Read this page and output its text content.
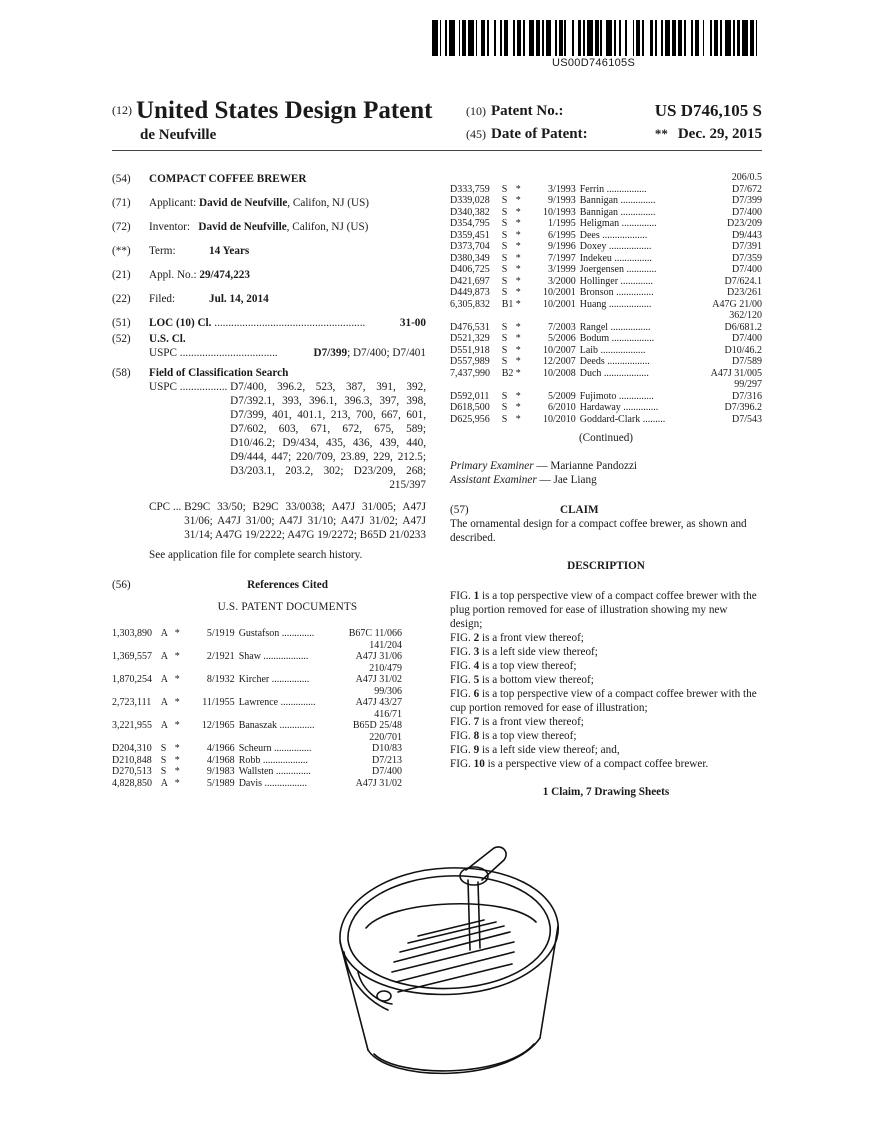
US00D746105S
$^{(12)}$ United States Design Patent
de Neufville
(10) Patent No.:	US D746,105 S
(45) Date of Patent:	** Dec. 29, 2015
(54)	COMPACT COFFEE BREWER
(71)	Applicant: David de Neufville, Califon, NJ (US)
(72)	Inventor: David de Neufville, Califon, NJ (US)
(**)	Term:	14 Years
(21)	Appl. No.: 29/474,223
(22)	Filed:	Jul. 14, 2014
(51)	LOC (10) Cl.
......................................................
	31-00
(52)	U.S. Cl.
USPC
...................................
	D7/399 ; D7/400; D7/401
(58)	Field of Classification Search
USPC ................. D7/400, 396.2, 523, 387, 391, 392, D7/392.1, 393, 396.1, 396.3, 397, 398, D7/399, 401, 401.1, 213, 700, 667, 601, D7/602, 603, 671, 672, 675, 589; D10/46.2; D9/434, 435, 436, 439, 440, D9/444, 447; 220/709, 23.89, 229, 212.5; D3/203.1, 203.2, 302; D23/209, 268; 215/397
CPC ...
B29C 33/50; B29C 33/0038; A47J 31/005; A47J 31/06; A47J 31/00; A47J 31/10; A47J 31/02; A47J 31/14; A47G 19/2222; A47G 19/2272; B65D 21/0233
See application file for complete search history.
(56)	References Cited
U.S. PATENT DOCUMENTS
1,303,890	A	*	5/1919	Gustafson .............	B67C 11/066
141/204					
1,369,557	A	*	2/1921	Shaw ..................	A47J 31/06
210/479					
1,870,254	A	*	8/1932	Kircher ...............	A47J 31/02
99/306					
2,723,111	A	*	11/1955	Lawrence ..............	A47J 43/27
416/71					
3,221,955	A	*	12/1965	Banaszak ..............	B65D 25/48
220/701					
D204,310	S	*	4/1966	Scheurn ...............	D10/83
D210,848	S	*	4/1968	Robb ..................	D7/213
D270,513	S	*	9/1983	Wallsten ..............	D7/400
4,828,850	A	*	5/1989	Davis .................	A47J 31/02
206/0.5					
D333,759	S	*	3/1993	Ferrin ................	D7/672
D339,028	S	*	9/1993	Bannigan ..............	D7/399
D340,382	S	*	10/1993	Bannigan ..............	D7/400
D354,795	S	*	1/1995	Heligman ..............	D23/209
D359,451	S	*	6/1995	Dees ..................	D9/443
D373,704	S	*	9/1996	Doxey .................	D7/391
D380,349	S	*	7/1997	Indekeu ...............	D7/359
D406,725	S	*	3/1999	Joergensen ............	D7/400
D421,697	S	*	3/2000	Hollinger .............	D7/624.1
D449,873	S	*	10/2001	Bronson ...............	D23/261
6,305,832	B1	*	10/2001	Huang .................	A47G 21/00
362/120					
D476,531	S	*	7/2003	Rangel ................	D6/681.2
D521,329	S	*	5/2006	Bodum .................	D7/400
D551,918	S	*	10/2007	Laib ..................	D10/46.2
D557,989	S	*	12/2007	Deeds .................	D7/589
7,437,990	B2	*	10/2008	Duch ..................	A47J 31/005
99/297					
D592,011	S	*	5/2009	Fujimoto ..............	D7/316
D618,500	S	*	6/2010	Hardaway ..............	D7/396.2
D625,956	S	*	10/2010	Goddard-Clark .........	D7/543
(Continued)
Primary Examiner — Marianne Pandozzi
Assistant Examiner — Jae Liang
(57)	CLAIM
The ornamental design for a compact coffee brewer, as shown and described.
DESCRIPTION

FIG. 1 is a top perspective view of a compact coffee brewer with the plug portion removed for ease of illustration showing my new design;

FIG. 2 is a front view thereof;

FIG. 3 is a left side view thereof;

FIG. 4 is a top view thereof;

FIG. 5 is a bottom view thereof;

FIG. 6 is a top perspective view of a compact coffee brewer with the cup portion removed for ease of illustration;

FIG. 7 is a front view thereof;

FIG. 8 is a top view thereof;

FIG. 9 is a left side view thereof; and,

FIG. 10 is a perspective view of a compact coffee brewer.

1 Claim, 7 Drawing Sheets
